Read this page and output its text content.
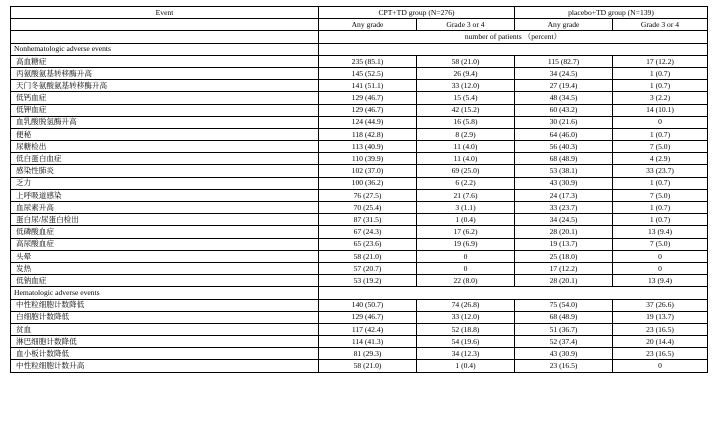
Event	CPT+TD group (N=276)		placebo+TD group (N=139)	
	Any grade	Grade 3 or 4	Any grade	Grade 3 or 4
	number of patients （percent）			
Nonhematologic adverse events				
高血糖症	235 (85.1)	58 (21.0)	115 (82.7)	17 (12.2)
丙氨酸氨基转移酶升高	145 (52.5)	26 (9.4)	34 (24.5)	1 (0.7)
天门冬氨酸氨基转移酶升高	141 (51.1)	33 (12.0)	27 (19.4)	1 (0.7)
低钙血症	129 (46.7)	15 (5.4)	48 (34.5)	3 (2.2)
低钾血症	129 (46.7)	42 (15.2)	60 (43.2)	14 (10.1)
血乳酸脱氢酶升高	124 (44.9)	16 (5.8)	30 (21.6)	0
便秘	118 (42.8)	8 (2.9)	64 (46.0)	1 (0.7)
尿糖检出	113 (40.9)	11 (4.0)	56 (40.3)	7 (5.0)
低白蛋白血症	110 (39.9)	11 (4.0)	68 (48.9)	4 (2.9)
感染性肺炎	102 (37.0)	69 (25.0)	53 (38.1)	33 (23.7)
乏力	100 (36.2)	6 (2.2)	43 (30.9)	1 (0.7)
上呼吸道感染	76 (27.5)	21 (7.6)	24 (17.3)	7 (5.0)
血尿素升高	70 (25.4)	3 (1.1)	33 (23.7)	1 (0.7)
蛋白尿/尿蛋白检出	87 (31.5)	1 (0.4)	34 (24.5)	1 (0.7)
低磷酸血症	67 (24.3)	17 (6.2)	28 (20.1)	13 (9.4)
高尿酸血症	65 (23.6)	19 (6.9)	19 (13.7)	7 (5.0)
头晕	58 (21.0)	0	25 (18.0)	0
发热	57 (20.7)	0	17 (12.2)	0
低钠血症	53 (19.2)	22 (8.0)	28 (20.1)	13 (9.4)
Hematologic adverse events				
中性粒细胞计数降低	140 (50.7)	74 (26.8)	75 (54.0)	37 (26.6)
白细胞计数降低	129 (46.7)	33 (12.0)	68 (48.9)	19 (13.7)
贫血	117 (42.4)	52 (18.8)	51 (36.7)	23 (16.5)
淋巴细胞计数降低	114 (41.3)	54 (19.6)	52 (37.4)	20 (14.4)
血小板计数降低	81 (29.3)	34 (12.3)	43 (30.9)	23 (16.5)
中性粒细胞计数升高	58 (21.0)	1 (0.4)	23 (16.5)	0
